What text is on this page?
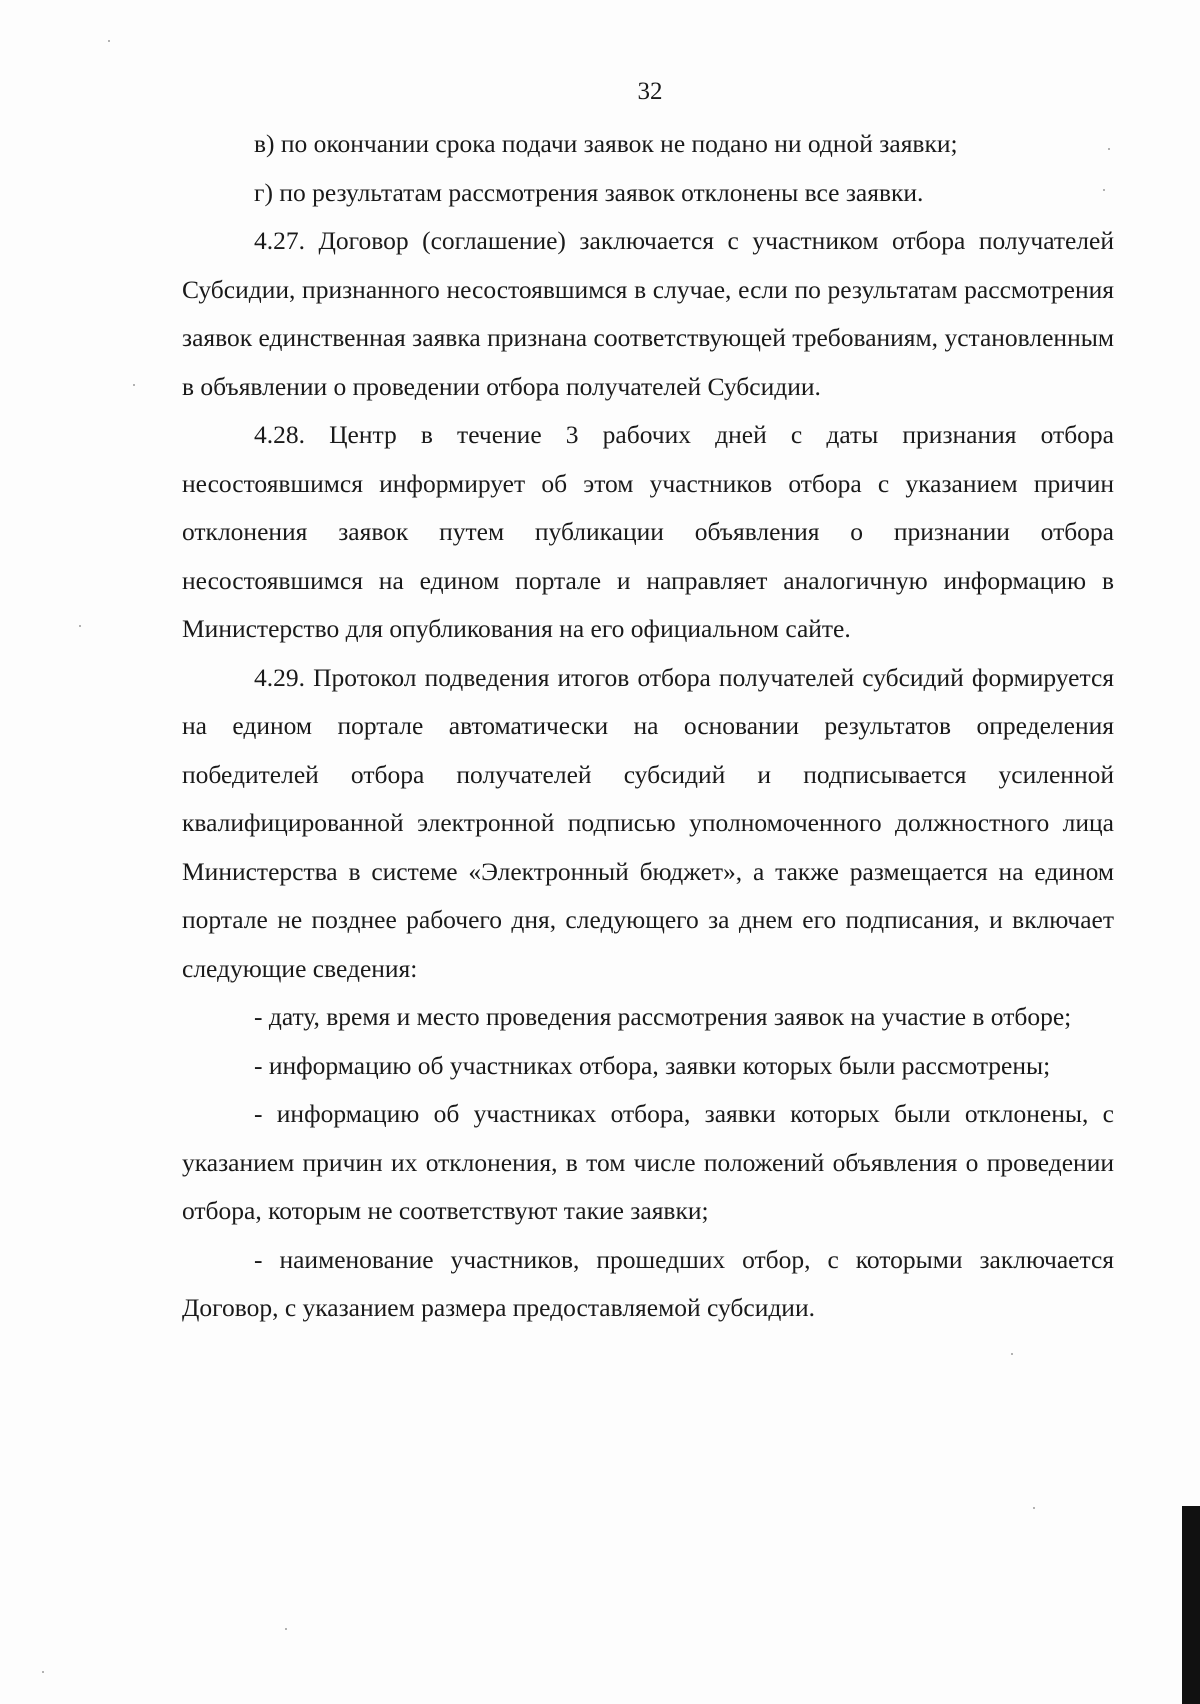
32

в) по окончании срока подачи заявок не подано ни одной заявки;

г) по результатам рассмотрения заявок отклонены все заявки.

4.27. Договор (соглашение) заключается с участником отбора получателей Субсидии, признанного несостоявшимся в случае, если по результатам рассмотрения заявок единственная заявка признана соответствующей требованиям, установленным в объявлении о проведении отбора получателей Субсидии.

4.28. Центр в течение 3 рабочих дней с даты признания отбора несостоявшимся информирует об этом участников отбора с указанием причин отклонения заявок путем публикации объявления о признании отбора несостоявшимся на едином портале и направляет аналогичную информацию в Министерство для опубликования на его официальном сайте.

4.29. Протокол подведения итогов отбора получателей субсидий формируется на едином портале автоматически на основании результатов определения победителей отбора получателей субсидий и подписывается усиленной квалифицированной электронной подписью уполномоченного должностного лица Министерства в системе «Электронный бюджет», а также размещается на едином портале не позднее рабочего дня, следующего за днем его подписания, и включает следующие сведения:

- дату, время и место проведения рассмотрения заявок на участие в отборе;

- информацию об участниках отбора, заявки которых были рассмотрены;

- информацию об участниках отбора, заявки которых были отклонены, с указанием причин их отклонения, в том числе положений объявления о проведении отбора, которым не соответствуют такие заявки;

- наименование участников, прошедших отбор, с которыми заключается Договор, с указанием размера предоставляемой субсидии.
